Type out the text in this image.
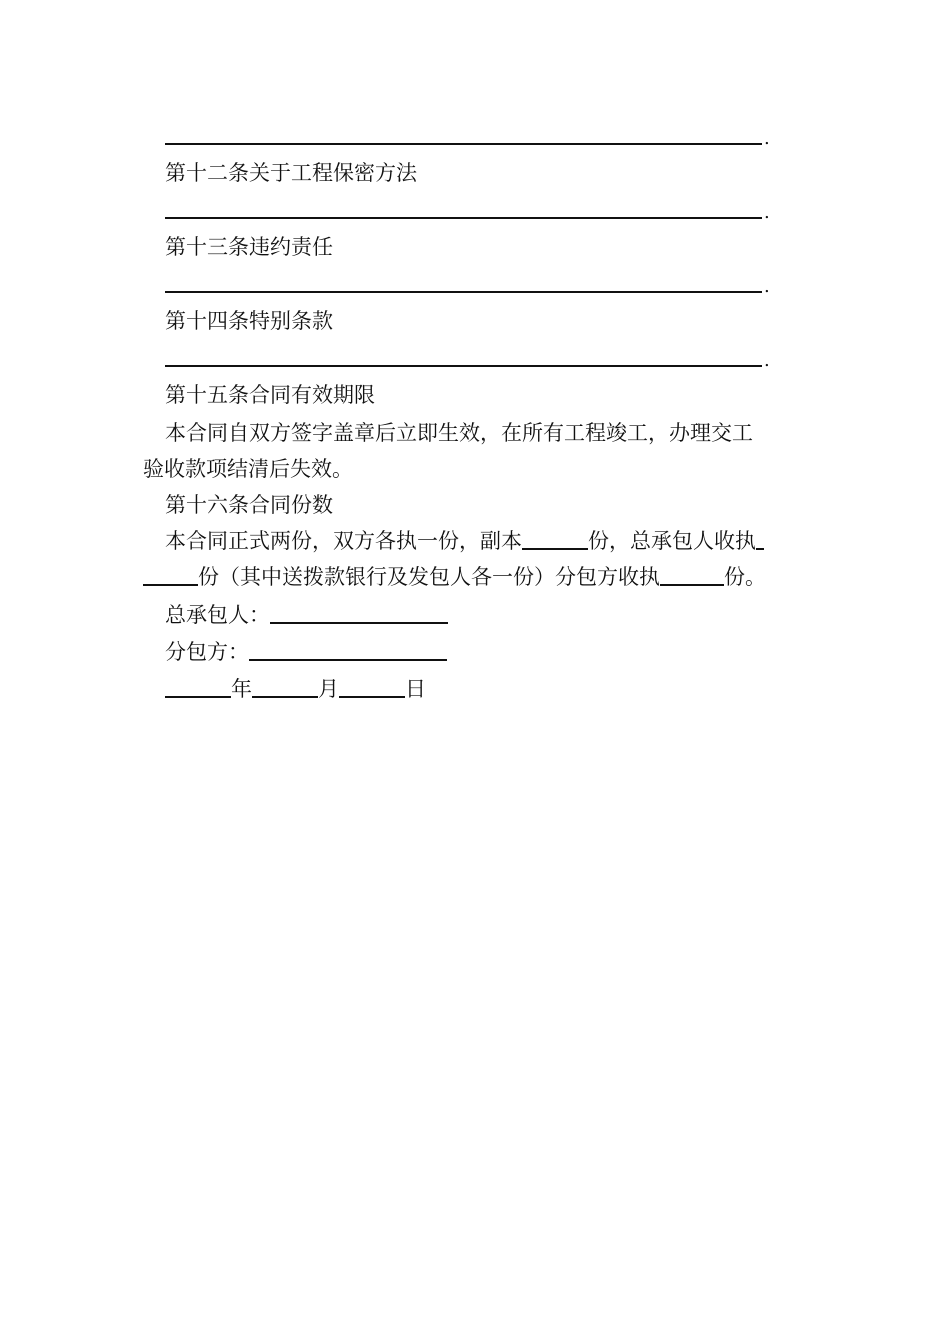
.
第十二条关于工程保密方法
.
第十三条违约责任
.
第十四条特别条款
.
第十五条合同有效期限
本合同自双方签字盖章后立即生效，在所有工程竣工，办理交工
验收款项结清后失效。
第十六条合同份数
本合同正式两份，双方各执一份，副本	份，总承包人收执
份（其中送拨款银行及发包人各一份）分包方收执	份。
总承包人：
分包方：
年	月	日
